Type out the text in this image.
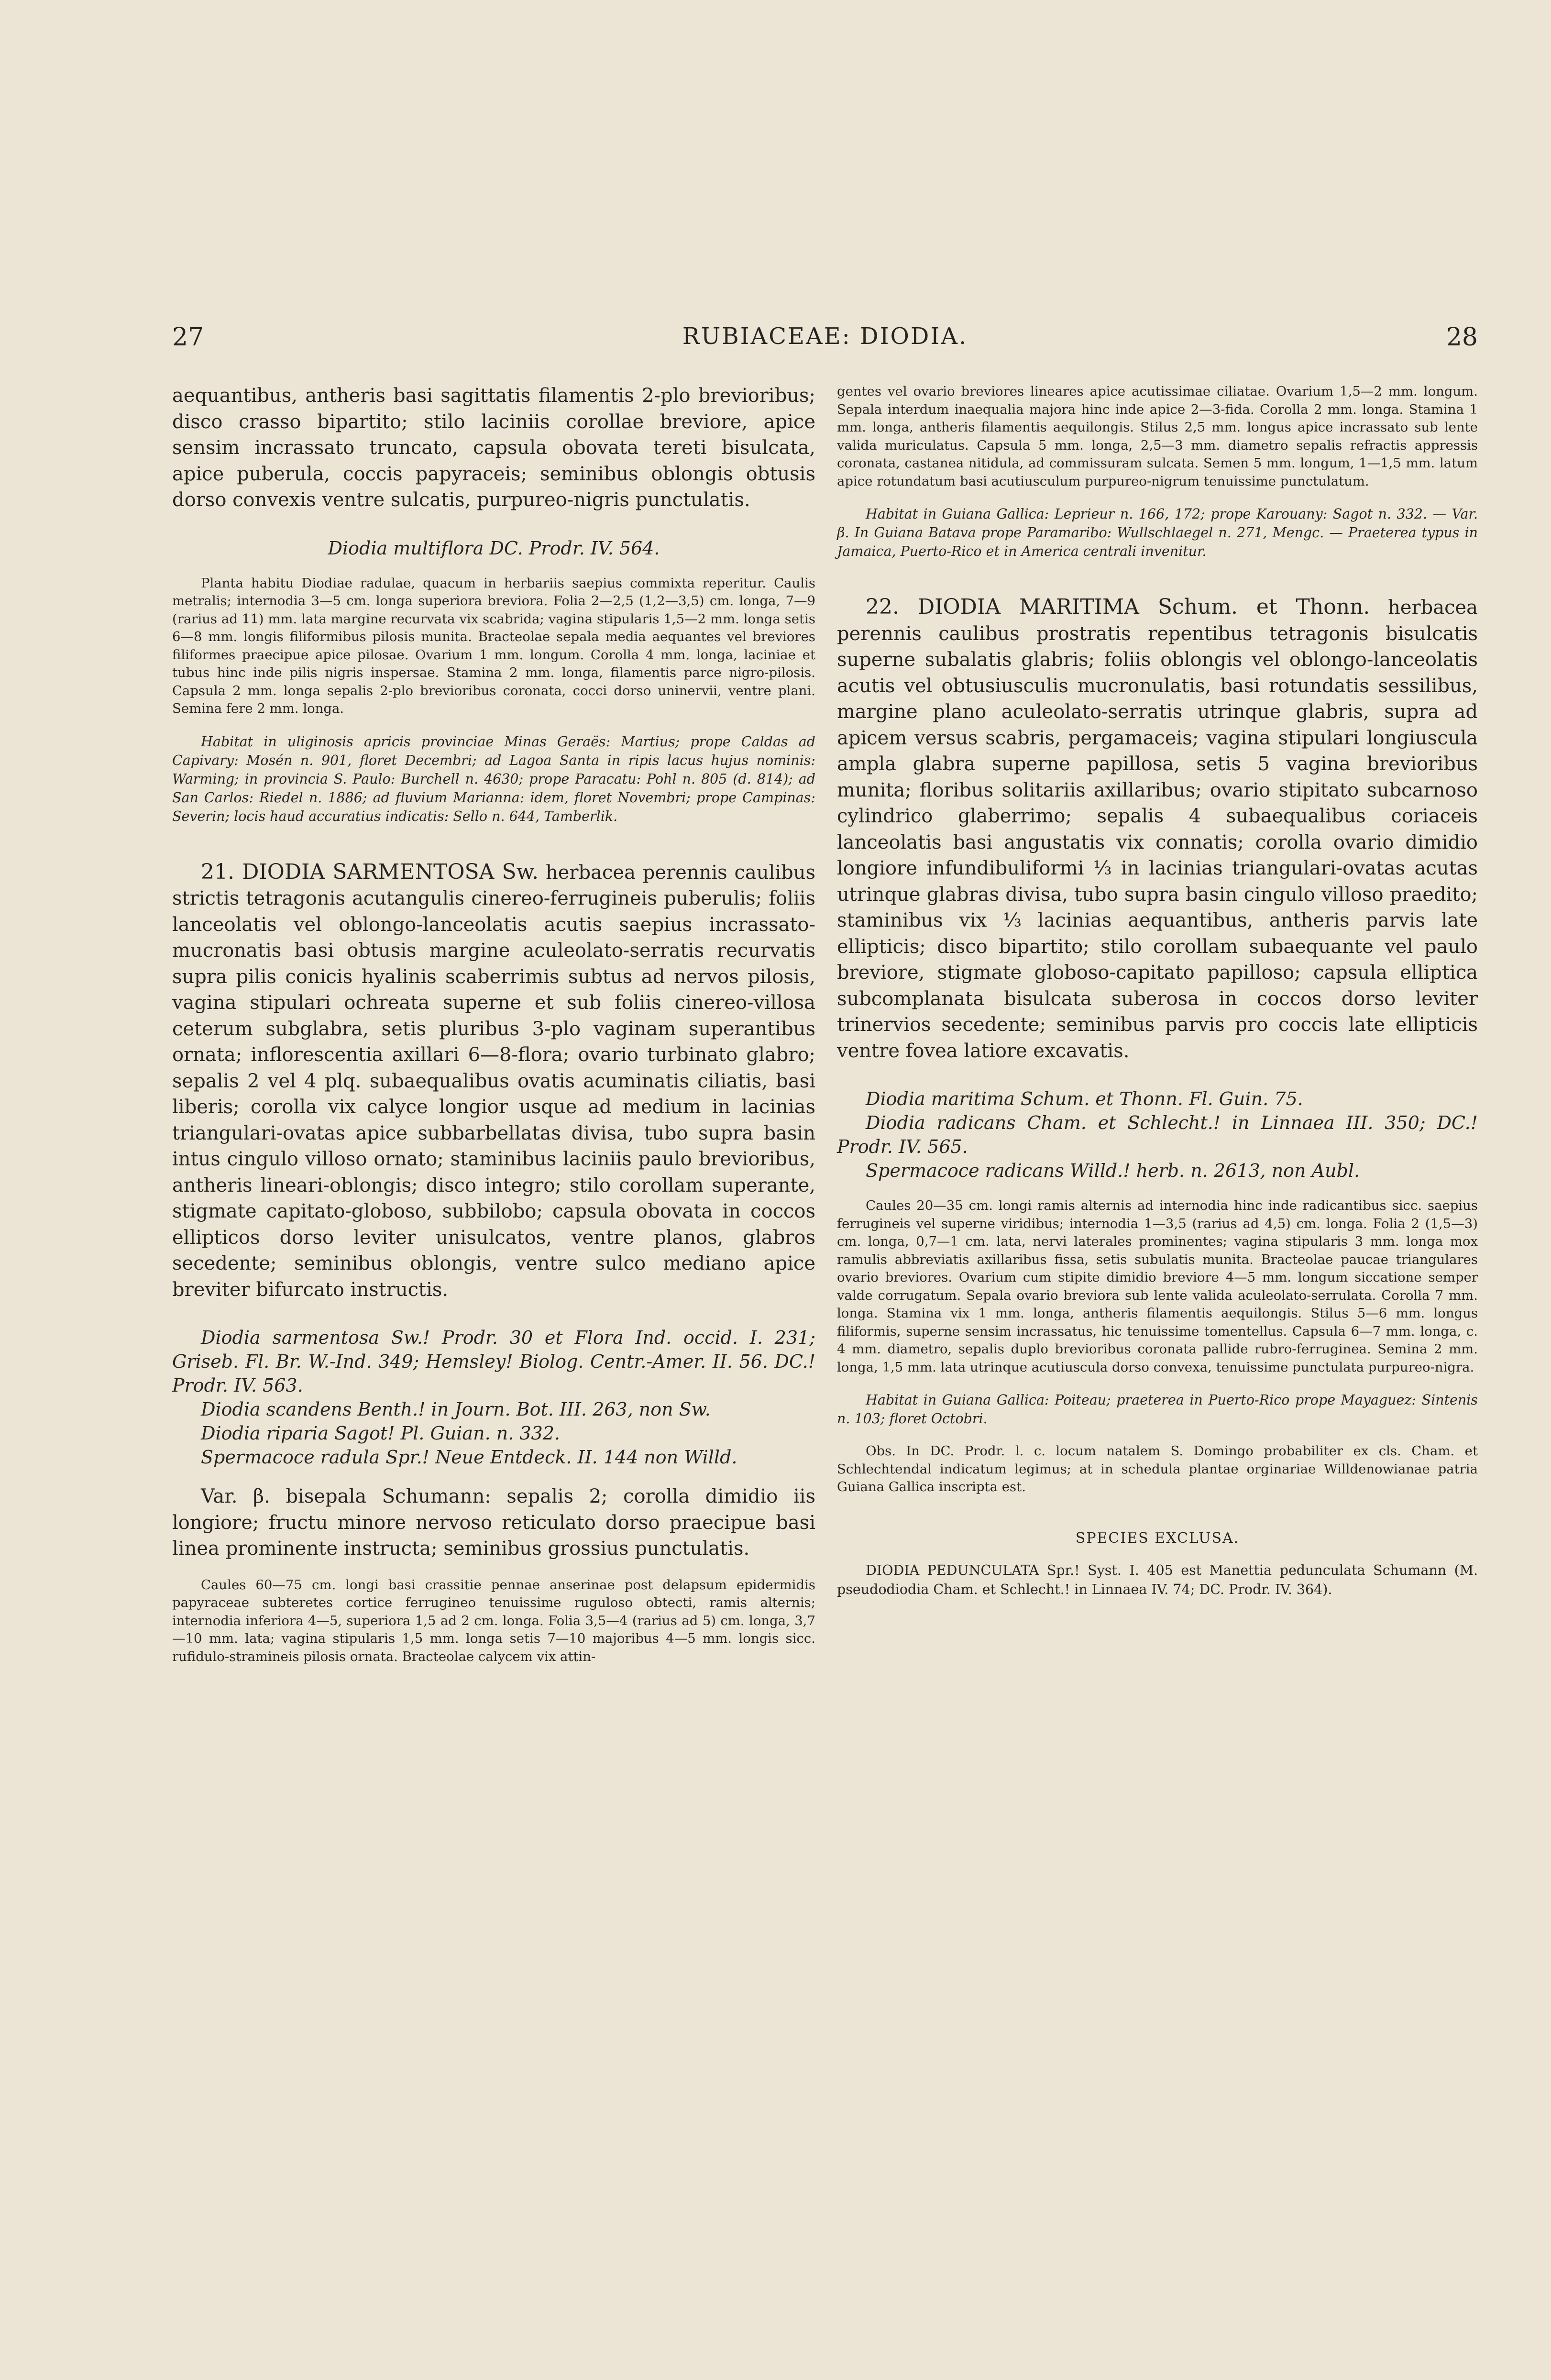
27	RUBIACEAE: DIODIA.	28

aequantibus, antheris basi sagittatis filamentis 2-plo brevioribus; disco crasso bipartito; stilo laciniis corollae breviore, apice sensim incrassato truncato, capsula obovata tereti bisulcata, apice puberula, coccis papyraceis; seminibus oblongis obtusis dorso convexis ventre sulcatis, purpureo-nigris punctulatis.

Diodia multiflora DC. Prodr. IV. 564.

Planta habitu Diodiae radulae, quacum in herbariis saepius commixta reperitur. Caulis metralis; internodia 3—5 cm. longa superiora breviora. Folia 2—2,5 (1,2—3,5) cm. longa, 7—9 (rarius ad 11) mm. lata margine recurvata vix scabrida; vagina stipularis 1,5—2 mm. longa setis 6—8 mm. longis filiformibus pilosis munita. Bracteolae sepala media aequantes vel breviores filiformes praecipue apice pilosae. Ovarium 1 mm. longum. Corolla 4 mm. longa, laciniae et tubus hinc inde pilis nigris inspersae. Stamina 2 mm. longa, filamentis parce nigro-pilosis. Capsula 2 mm. longa sepalis 2-plo brevioribus coronata, cocci dorso uninervii, ventre plani. Semina fere 2 mm. longa.

Habitat in uliginosis apricis provinciae Minas Geraës: Martius; prope Caldas ad Capivary: Mosén n. 901, floret Decembri; ad Lagoa Santa in ripis lacus hujus nominis: Warming; in provincia S. Paulo: Burchell n. 4630; prope Paracatu: Pohl n. 805 (d. 814); ad San Carlos: Riedel n. 1886; ad fluvium Marianna: idem, floret Novembri; prope Campinas: Severin; locis haud accuratius indicatis: Sello n. 644, Tamberlik.

21. DIODIA SARMENTOSA Sw. herbacea perennis caulibus strictis tetragonis acutangulis cinereo-ferrugineis puberulis; foliis lanceolatis vel oblongo-lanceolatis acutis saepius incrassato-mucronatis basi obtusis margine aculeolato-serratis recurvatis supra pilis conicis hyalinis scaberrimis subtus ad nervos pilosis, vagina stipulari ochreata superne et sub foliis cinereo-villosa ceterum subglabra, setis pluribus 3-plo vaginam superantibus ornata; inflorescentia axillari 6—8-flora; ovario turbinato glabro; sepalis 2 vel 4 plq. subaequalibus ovatis acuminatis ciliatis, basi liberis; corolla vix calyce longior usque ad medium in lacinias triangulari-ovatas apice subbarbellatas divisa, tubo supra basin intus cingulo villoso ornato; staminibus laciniis paulo brevioribus, antheris lineari-oblongis; disco integro; stilo corollam superante, stigmate capitato-globoso, subbilobo; capsula obovata in coccos ellipticos dorso leviter unisulcatos, ventre planos, glabros secedente; seminibus oblongis, ventre sulco mediano apice breviter bifurcato instructis.

Diodia sarmentosa Sw.! Prodr. 30 et Flora Ind. occid. I. 231; Griseb. Fl. Br. W.-Ind. 349; Hemsley! Biolog. Centr.-Amer. II. 56. DC.! Prodr. IV. 563.

Diodia scandens Benth.! in Journ. Bot. III. 263, non Sw.

Diodia riparia Sagot! Pl. Guian. n. 332.

Spermacoce radula Spr.! Neue Entdeck. II. 144 non Willd.

Var. β. bisepala Schumann: sepalis 2; corolla dimidio iis longiore; fructu minore nervoso reticulato dorso praecipue basi linea prominente instructa; seminibus grossius punctulatis.

Caules 60—75 cm. longi basi crassitie pennae anserinae post delapsum epidermidis papyraceae subteretes cortice ferrugineo tenuissime ruguloso obtecti, ramis alternis; internodia inferiora 4—5, superiora 1,5 ad 2 cm. longa. Folia 3,5—4 (rarius ad 5) cm. longa, 3,7—10 mm. lata; vagina stipularis 1,5 mm. longa setis 7—10 majoribus 4—5 mm. longis sicc. rufidulo-stramineis pilosis ornata. Bracteolae calycem vix attin-

gentes vel ovario breviores lineares apice acutissimae ciliatae. Ovarium 1,5—2 mm. longum. Sepala interdum inaequalia majora hinc inde apice 2—3-fida. Corolla 2 mm. longa. Stamina 1 mm. longa, antheris filamentis aequilongis. Stilus 2,5 mm. longus apice incrassato sub lente valida muriculatus. Capsula 5 mm. longa, 2,5—3 mm. diametro sepalis refractis appressis coronata, castanea nitidula, ad commissuram sulcata. Semen 5 mm. longum, 1—1,5 mm. latum apice rotundatum basi acutiusculum purpureo-nigrum tenuissime punctulatum.

Habitat in Guiana Gallica: Leprieur n. 166, 172; prope Karouany: Sagot n. 332. — Var. β. In Guiana Batava prope Paramaribo: Wullschlaegel n. 271, Mengc. — Praeterea typus in Jamaica, Puerto-Rico et in America centrali invenitur.

22. DIODIA MARITIMA Schum. et Thonn. herbacea perennis caulibus prostratis repentibus tetragonis bisulcatis superne subalatis glabris; foliis oblongis vel oblongo-lanceolatis acutis vel obtusiusculis mucronulatis, basi rotundatis sessilibus, margine plano aculeolato-serratis utrinque glabris, supra ad apicem versus scabris, pergamaceis; vagina stipulari longiuscula ampla glabra superne papillosa, setis 5 vagina brevioribus munita; floribus solitariis axillaribus; ovario stipitato subcarnoso cylindrico glaberrimo; sepalis 4 subaequalibus coriaceis lanceolatis basi angustatis vix connatis; corolla ovario dimidio longiore infundibuliformi ⅓ in lacinias triangulari-ovatas acutas utrinque glabras divisa, tubo supra basin cingulo villoso praedito; staminibus vix ⅓ lacinias aequantibus, antheris parvis late ellipticis; disco bipartito; stilo corollam subaequante vel paulo breviore, stigmate globoso-capitato papilloso; capsula elliptica subcomplanata bisulcata suberosa in coccos dorso leviter trinervios secedente; seminibus parvis pro coccis late ellipticis ventre fovea latiore excavatis.

Diodia maritima Schum. et Thonn. Fl. Guin. 75.

Diodia radicans Cham. et Schlecht.! in Linnaea III. 350; DC.! Prodr. IV. 565.

Spermacoce radicans Willd.! herb. n. 2613, non Aubl.

Caules 20—35 cm. longi ramis alternis ad internodia hinc inde radicantibus sicc. saepius ferrugineis vel superne viridibus; internodia 1—3,5 (rarius ad 4,5) cm. longa. Folia 2 (1,5—3) cm. longa, 0,7—1 cm. lata, nervi laterales prominentes; vagina stipularis 3 mm. longa mox ramulis abbreviatis axillaribus fissa, setis subulatis munita. Bracteolae paucae triangulares ovario breviores. Ovarium cum stipite dimidio breviore 4—5 mm. longum siccatione semper valde corrugatum. Sepala ovario breviora sub lente valida aculeolato-serrulata. Corolla 7 mm. longa. Stamina vix 1 mm. longa, antheris filamentis aequilongis. Stilus 5—6 mm. longus filiformis, superne sensim incrassatus, hic tenuissime tomentellus. Capsula 6—7 mm. longa, c. 4 mm. diametro, sepalis duplo brevioribus coronata pallide rubro-ferruginea. Semina 2 mm. longa, 1,5 mm. lata utrinque acutiuscula dorso convexa, tenuissime punctulata purpureo-nigra.

Habitat in Guiana Gallica: Poiteau; praeterea in Puerto-Rico prope Mayaguez: Sintenis n. 103; floret Octobri.

Obs. In DC. Prodr. l. c. locum natalem S. Domingo probabiliter ex cls. Cham. et Schlechtendal indicatum legimus; at in schedula plantae orginariae Willdenowianae patria Guiana Gallica inscripta est.

SPECIES EXCLUSA.

DIODIA PEDUNCULATA Spr.! Syst. I. 405 est Manettia pedunculata Schumann (M. pseudodiodia Cham. et Schlecht.! in Linnaea IV. 74; DC. Prodr. IV. 364).
